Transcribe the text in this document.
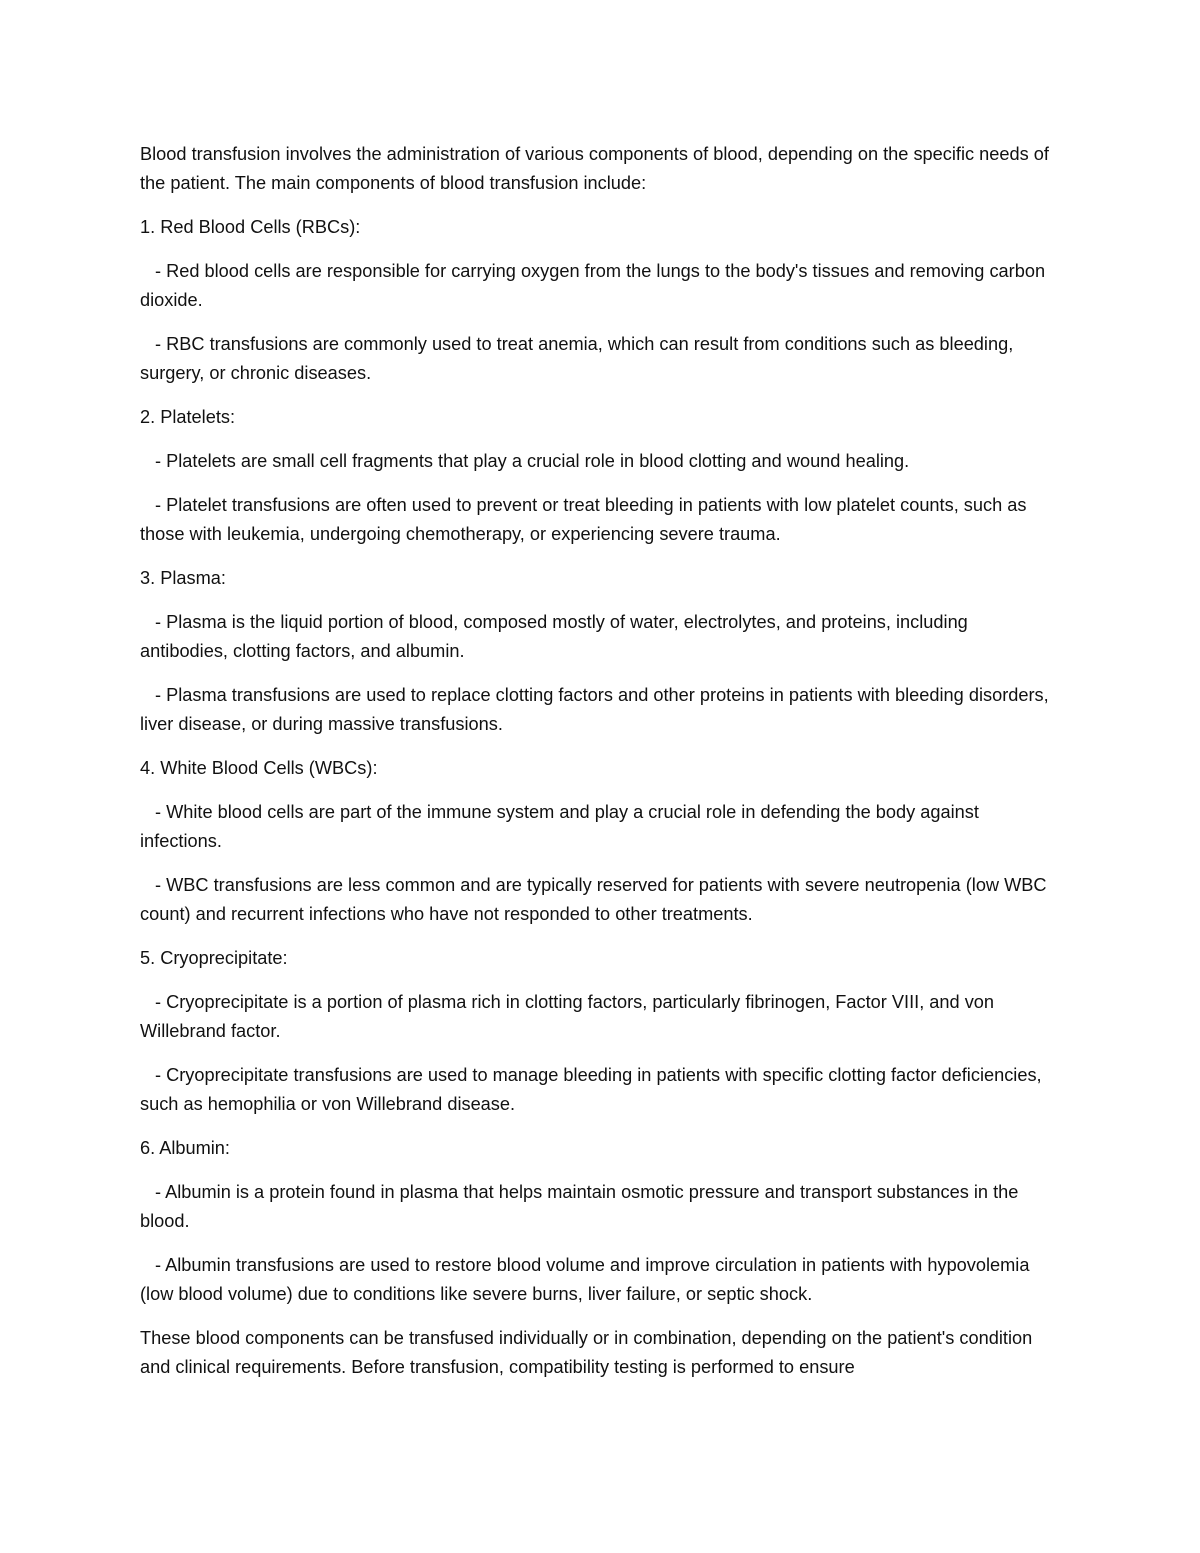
Blood transfusion involves the administration of various components of blood, depending on the specific needs of the patient. The main components of blood transfusion include:

1. Red Blood Cells (RBCs):

- Red blood cells are responsible for carrying oxygen from the lungs to the body's tissues and removing carbon dioxide.

- RBC transfusions are commonly used to treat anemia, which can result from conditions such as bleeding, surgery, or chronic diseases.

2. Platelets:

- Platelets are small cell fragments that play a crucial role in blood clotting and wound healing.

- Platelet transfusions are often used to prevent or treat bleeding in patients with low platelet counts, such as those with leukemia, undergoing chemotherapy, or experiencing severe trauma.

3. Plasma:

- Plasma is the liquid portion of blood, composed mostly of water, electrolytes, and proteins, including antibodies, clotting factors, and albumin.

- Plasma transfusions are used to replace clotting factors and other proteins in patients with bleeding disorders, liver disease, or during massive transfusions.

4. White Blood Cells (WBCs):

- White blood cells are part of the immune system and play a crucial role in defending the body against infections.

- WBC transfusions are less common and are typically reserved for patients with severe neutropenia (low WBC count) and recurrent infections who have not responded to other treatments.

5. Cryoprecipitate:

- Cryoprecipitate is a portion of plasma rich in clotting factors, particularly fibrinogen, Factor VIII, and von Willebrand factor.

- Cryoprecipitate transfusions are used to manage bleeding in patients with specific clotting factor deficiencies, such as hemophilia or von Willebrand disease.

6. Albumin:

- Albumin is a protein found in plasma that helps maintain osmotic pressure and transport substances in the blood.

- Albumin transfusions are used to restore blood volume and improve circulation in patients with hypovolemia (low blood volume) due to conditions like severe burns, liver failure, or septic shock.

These blood components can be transfused individually or in combination, depending on the patient's condition and clinical requirements. Before transfusion, compatibility testing is performed to ensure
